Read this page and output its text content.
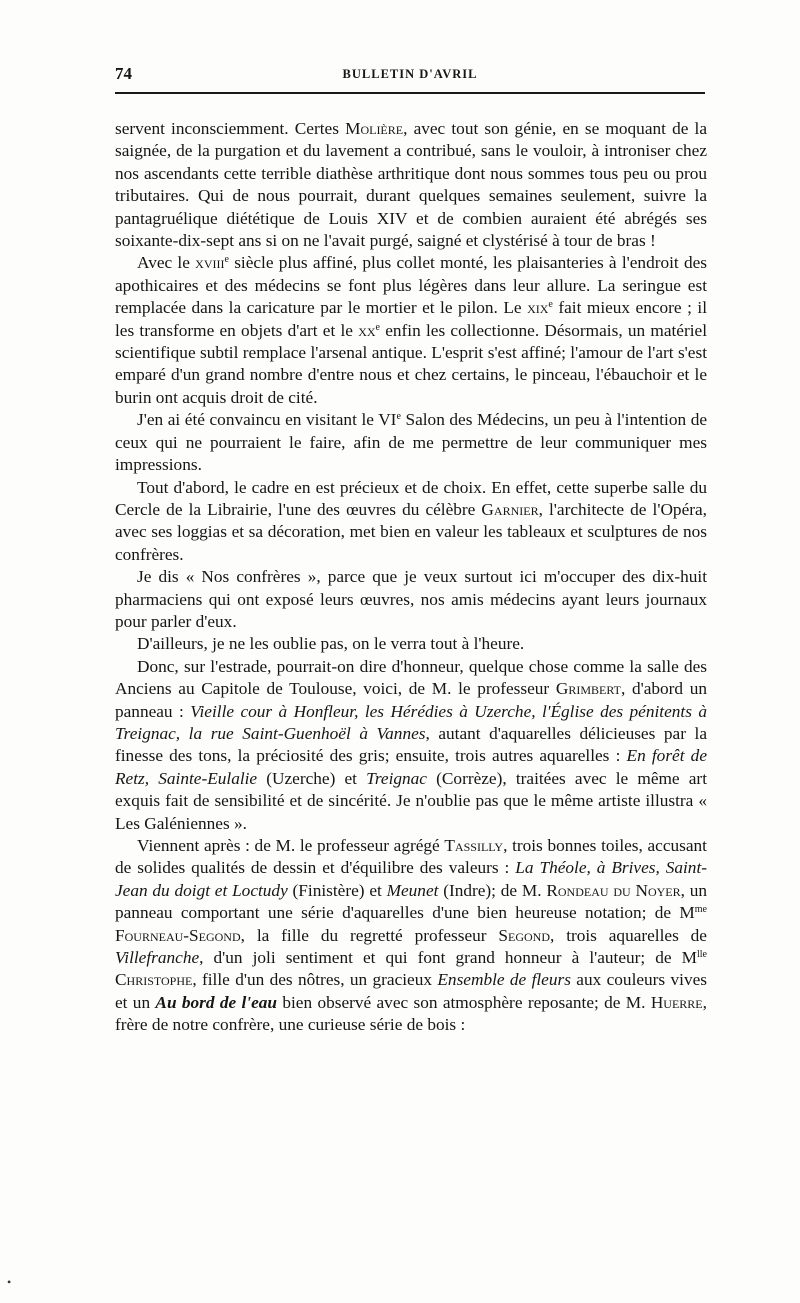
74	BULLETIN D'AVRIL

servent inconsciemment. Certes Molière, avec tout son génie, en se moquant de la saignée, de la purgation et du lavement a contribué, sans le vouloir, à introniser chez nos ascendants cette terrible diathèse arthritique dont nous sommes tous peu ou prou tributaires. Qui de nous pourrait, durant quelques semaines seulement, suivre la pantagruélique diététique de Louis XIV et de combien auraient été abrégés ses soixante-dix-sept ans si on ne l'avait purgé, saigné et clystérisé à tour de bras !

Avec le xviii$^e$ siècle plus affiné, plus collet monté, les plaisanteries à l'endroit des apothicaires et des médecins se font plus légères dans leur allure. La seringue est remplacée dans la caricature par le mortier et le pilon. Le xix$^e$ fait mieux encore ; il les transforme en objets d'art et le $xx^e$ enfin les collectionne. Désormais, un matériel scientifique subtil remplace l'arsenal antique. L'esprit s'est affiné; l'amour de l'art s'est emparé d'un grand nombre d'entre nous et chez certains, le pinceau, l'ébauchoir et le burin ont acquis droit de cité.

J'en ai été convaincu en visitant le VIe Salon des Médecins, un peu à l'intention de ceux qui ne pourraient le faire, afin de me permettre de leur communiquer mes impressions.

Tout d'abord, le cadre en est précieux et de choix. En effet, cette superbe salle du Cercle de la Librairie, l'une des œuvres du célèbre Garnier, l'architecte de l'Opéra, avec ses loggias et sa décoration, met bien en valeur les tableaux et sculptures de nos confrères.

Je dis « Nos confrères », parce que je veux surtout ici m'occuper des dix-huit pharmaciens qui ont exposé leurs œuvres, nos amis médecins ayant leurs journaux pour parler d'eux.

D'ailleurs, je ne les oublie pas, on le verra tout à l'heure.

Donc, sur l'estrade, pourrait-on dire d'honneur, quelque chose comme la salle des Anciens au Capitole de Toulouse, voici, de M. le professeur Grimbert, d'abord un panneau : Vieille cour à Honfleur, les Hérédies à Uzerche, l'Église des pénitents à Treignac, la rue Saint-Guenhoël à Vannes, autant d'aquarelles délicieuses par la finesse des tons, la préciosité des gris; ensuite, trois autres aquarelles : En forêt de Retz, Sainte-Eulalie (Uzerche) et Treignac (Corrèze), traitées avec le même art exquis fait de sensibilité et de sincérité. Je n'oublie pas que le même artiste illustra « Les Galéniennes ».

Viennent après : de M. le professeur agrégé Tassilly, trois bonnes toiles, accusant de solides qualités de dessin et d'équilibre des valeurs : La Théole, à Brives, Saint-Jean du doigt et Loctudy (Finistère) et Meunet (Indre); de M. Rondeau du Noyer, un panneau comportant une série d'aquarelles d'une bien heureuse notation; de $M^{me}$ Fourneau-Segond, la fille du regretté professeur Segond, trois aquarelles de Villefranche, d'un joli sentiment et qui font grand honneur à l'auteur; de $M^{lle}$ Christophe, fille d'un des nôtres, un gracieux Ensemble de fleurs aux couleurs vives et un Au bord de l'eau bien observé avec son atmosphère reposante; de M. Huerre, frère de notre confrère, une curieuse série de bois :

•
